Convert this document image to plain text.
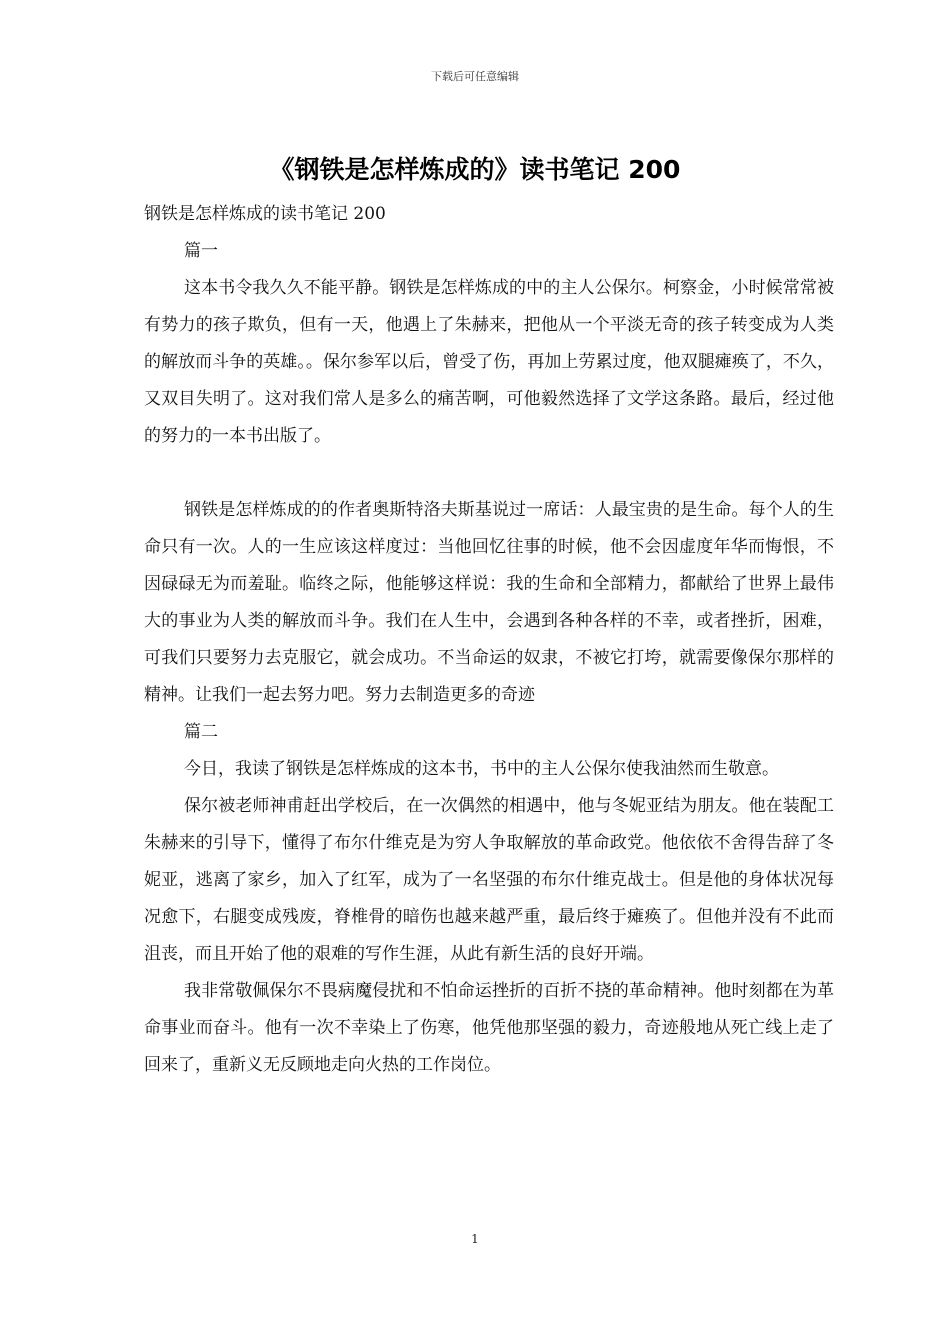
下载后可任意编辑
《钢铁是怎样炼成的》读书笔记 200

钢铁是怎样炼成的读书笔记 200

篇一

这本书令我久久不能平静。钢铁是怎样炼成的中的主人公保尔。柯察金，小时候常常被有势力的孩子欺负，但有一天，他遇上了朱赫来，把他从一个平淡无奇的孩子转变成为人类的解放而斗争的英雄。。保尔参军以后，曾受了伤，再加上劳累过度，他双腿瘫痪了，不久，又双目失明了。这对我们常人是多么的痛苦啊，可他毅然选择了文学这条路。最后，经过他的努力的一本书出版了。

钢铁是怎样炼成的的作者奥斯特洛夫斯基说过一席话：人最宝贵的是生命。每个人的生命只有一次。人的一生应该这样度过：当他回忆往事的时候，他不会因虚度年华而悔恨，不因碌碌无为而羞耻。临终之际，他能够这样说：我的生命和全部精力，都献给了世界上最伟大的事业为人类的解放而斗争。我们在人生中，会遇到各种各样的不幸，或者挫折，困难，可我们只要努力去克服它，就会成功。不当命运的奴隶，不被它打垮，就需要像保尔那样的精神。让我们一起去努力吧。努力去制造更多的奇迹

篇二

今日，我读了钢铁是怎样炼成的这本书，书中的主人公保尔使我油然而生敬意。

保尔被老师神甫赶出学校后，在一次偶然的相遇中，他与冬妮亚结为朋友。他在装配工朱赫来的引导下，懂得了布尔什维克是为穷人争取解放的革命政党。他依依不舍得告辞了冬妮亚，逃离了家乡，加入了红军，成为了一名坚强的布尔什维克战士。但是他的身体状况每况愈下，右腿变成残废，脊椎骨的暗伤也越来越严重，最后终于瘫痪了。但他并没有不此而沮丧，而且开始了他的艰难的写作生涯，从此有新生活的良好开端。

我非常敬佩保尔不畏病魔侵扰和不怕命运挫折的百折不挠的革命精神。他时刻都在为革命事业而奋斗。他有一次不幸染上了伤寒，他凭他那坚强的毅力，奇迹般地从死亡线上走了回来了，重新义无反顾地走向火热的工作岗位。

1
